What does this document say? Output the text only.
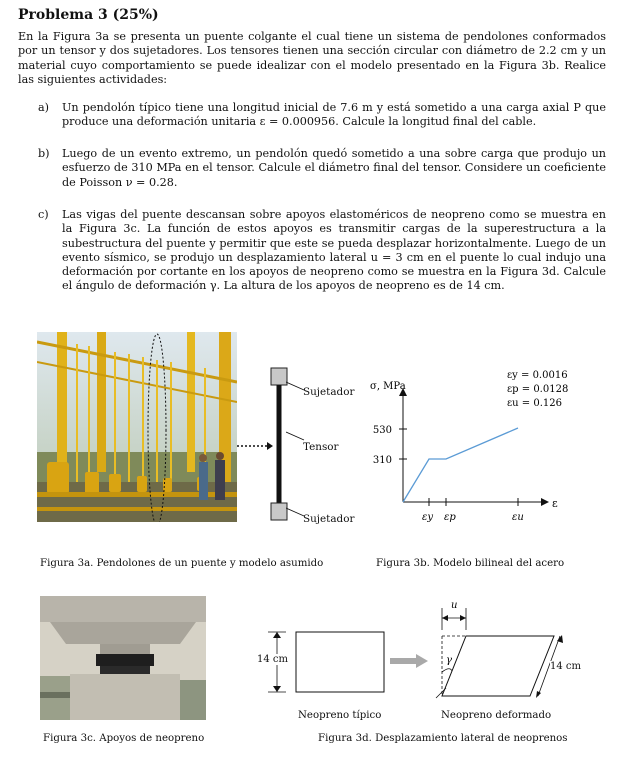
Problema 3 (25%)
En la Figura 3a se presenta un puente colgante el cual tiene un sistema de pendolones conformados por un tensor y dos sujetadores. Los tensores tienen una sección circular con diámetro de 2.2 cm y un material cuyo comportamiento se puede idealizar con el modelo presentado en la Figura 3b. Realice las siguientes actividades:
a) Un pendolón típico tiene una longitud inicial de 7.6 m y está sometido a una carga axial P que produce una deformación unitaria ε = 0.000956. Calcule la longitud final del cable.
b) Luego de un evento extremo, un pendolón quedó sometido a una sobre carga que produjo un esfuerzo de 310 MPa en el tensor. Calcule el diámetro final del tensor. Considere un coeficiente de Poisson ν = 0.28.
c) Las vigas del puente descansan sobre apoyos elastoméricos de neopreno como se muestra en la Figura 3c. La función de estos apoyos es transmitir cargas de la superestructura a la subestructura del puente y permitir que este se pueda desplazar horizontalmente. Luego de un evento sísmico, se produjo un desplazamiento lateral u = 3 cm en el puente lo cual indujo una deformación por cortante en los apoyos de neopreno como se muestra en la Figura 3d. Calcule el ángulo de deformación γ. La altura de los apoyos de neopreno es de 14 cm.
Sujetador
Tensor
Sujetador
530
310
σ, MPa
ε
εy εp	εu
εy = 0.0016
εp = 0.0128
εu = 0.126
Figura 3a. Pendolones de un puente y modelo asumido	Figura 3b. Modelo bilineal del acero
14 cm
u
γ
14 cm
Neopreno típico	Neopreno deformado
Figura 3c. Apoyos de neopreno	Figura 3d. Desplazamiento lateral de neoprenos
